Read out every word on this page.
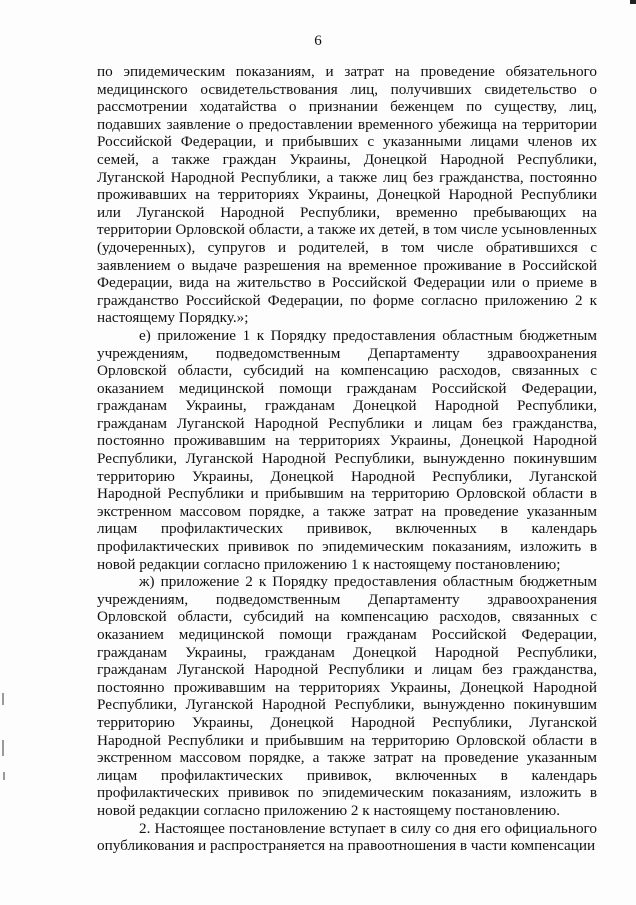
6

по эпидемическим показаниям, и затрат на проведение обязательного медицинского освидетельствования лиц, получивших свидетельство о рассмотрении ходатайства о признании беженцем по существу, лиц, подавших заявление о предоставлении временного убежища на территории Российской Федерации, и прибывших с указанными лицами членов их семей, а также граждан Украины, Донецкой Народной Республики, Луганской Народной Республики, а также лиц без гражданства, постоянно проживавших на территориях Украины, Донецкой Народной Республики или Луганской Народной Республики, временно пребывающих на территории Орловской области, а также их детей, в том числе усыновленных (удочеренных), супругов и родителей, в том числе обратившихся с заявлением о выдаче разрешения на временное проживание в Российской Федерации, вида на жительство в Российской Федерации или о приеме в гражданство Российской Федерации, по форме согласно приложению 2 к настоящему Порядку.»;

е) приложение 1 к Порядку предоставления областным бюджетным учреждениям, подведомственным Департаменту здравоохранения Орловской области, субсидий на компенсацию расходов, связанных с оказанием медицинской помощи гражданам Российской Федерации, гражданам Украины, гражданам Донецкой Народной Республики, гражданам Луганской Народной Республики и лицам без гражданства, постоянно проживавшим на территориях Украины, Донецкой Народной Республики, Луганской Народной Республики, вынужденно покинувшим территорию Украины, Донецкой Народной Республики, Луганской Народной Республики и прибывшим на территорию Орловской области в экстренном массовом порядке, а также затрат на проведение указанным лицам профилактических прививок, включенных в календарь профилактических прививок по эпидемическим показаниям, изложить в новой редакции согласно приложению 1 к настоящему постановлению;

ж) приложение 2 к Порядку предоставления областным бюджетным учреждениям, подведомственным Департаменту здравоохранения Орловской области, субсидий на компенсацию расходов, связанных с оказанием медицинской помощи гражданам Российской Федерации, гражданам Украины, гражданам Донецкой Народной Республики, гражданам Луганской Народной Республики и лицам без гражданства, постоянно проживавшим на территориях Украины, Донецкой Народной Республики, Луганской Народной Республики, вынужденно покинувшим территорию Украины, Донецкой Народной Республики, Луганской Народной Республики и прибывшим на территорию Орловской области в экстренном массовом порядке, а также затрат на проведение указанным лицам профилактических прививок, включенных в календарь профилактических прививок по эпидемическим показаниям, изложить в новой редакции согласно приложению 2 к настоящему постановлению.

2. Настоящее постановление вступает в силу со дня его официального опубликования и распространяется на правоотношения в части компенсации
